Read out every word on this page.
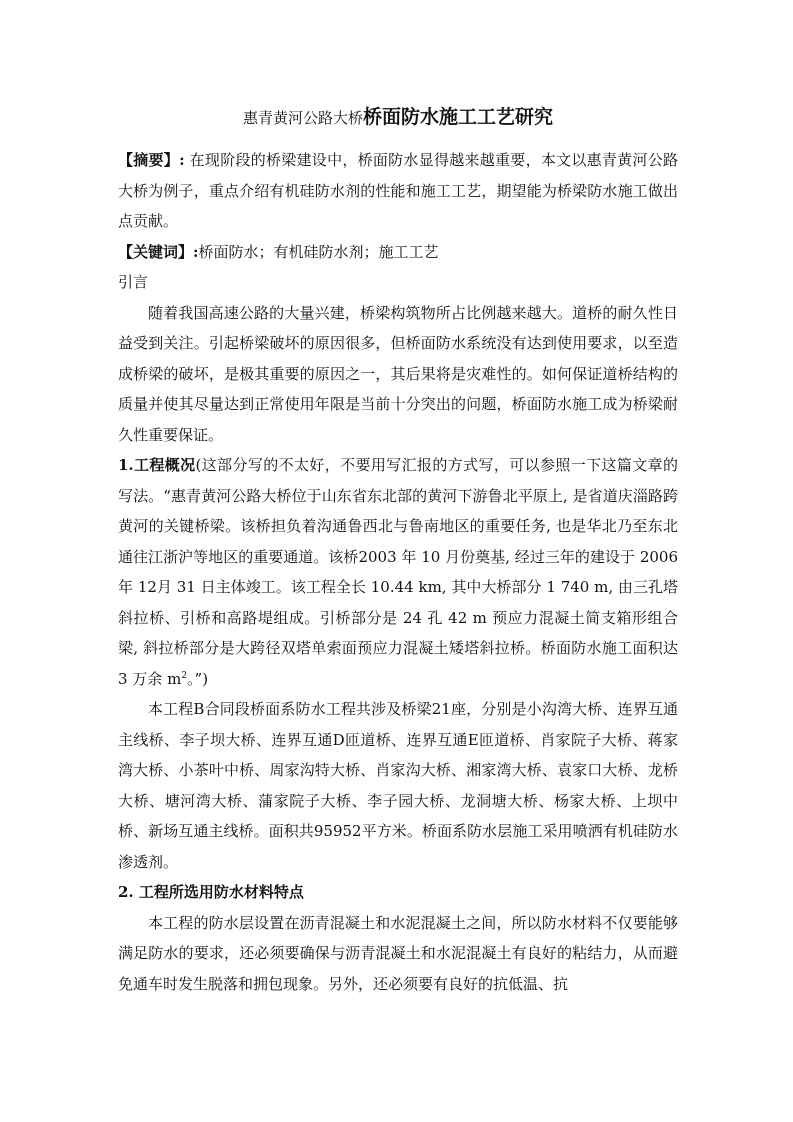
惠青黄河公路大桥桥面防水施工工艺研究

【摘要】: 在现阶段的桥梁建设中，桥面防水显得越来越重要，本文以惠青黄河公路大桥为例子，重点介绍有机硅防水剂的性能和施工工艺，期望能为桥梁防水施工做出点贡献。

【关键词】:桥面防水；有机硅防水剂；施工工艺

引言

随着我国高速公路的大量兴建，桥梁构筑物所占比例越来越大。道桥的耐久性日益受到关注。引起桥梁破坏的原因很多，但桥面防水系统没有达到使用要求，以至造成桥梁的破坏，是极其重要的原因之一，其后果将是灾难性的。如何保证道桥结构的质量并使其尽量达到正常使用年限是当前十分突出的问题，桥面防水施工成为桥梁耐久性重要保证。

1.工程概况(这部分写的不太好，不要用写汇报的方式写，可以参照一下这篇文章的写法。“惠青黄河公路大桥位于山东省东北部的黄河下游鲁北平原上, 是省道庆淄路跨黄河的关键桥梁。该桥担负着沟通鲁西北与鲁南地区的重要任务, 也是华北乃至东北通往江浙沪等地区的重要通道。该桥2003 年 10 月份奠基, 经过三年的建设于 2006 年 12月 31 日主体竣工。该工程全长 10.44 km, 其中大桥部分 1 740 m, 由三孔塔斜拉桥、引桥和高路堤组成。引桥部分是 24 孔 42 m 预应力混凝土简支箱形组合梁, 斜拉桥部分是大跨径双塔单索面预应力混凝土矮塔斜拉桥。桥面防水施工面积达 3 万余 $m^2$。”)

本工程B合同段桥面系防水工程共涉及桥梁21座，分别是小沟湾大桥、连界互通主线桥、李子坝大桥、连界互通D匝道桥、连界互通E匝道桥、肖家院子大桥、蒋家湾大桥、小茶叶中桥、周家沟特大桥、肖家沟大桥、湘家湾大桥、袁家口大桥、龙桥大桥、塘河湾大桥、蒲家院子大桥、李子园大桥、龙洞塘大桥、杨家大桥、上坝中桥、新场互通主线桥。面积共95952平方米。桥面系防水层施工采用喷洒有机硅防水渗透剂。

2. 工程所选用防水材料特点

本工程的防水层设置在沥青混凝土和水泥混凝土之间，所以防水材料不仅要能够满足防水的要求，还必须要确保与沥青混凝土和水泥混凝土有良好的粘结力，从而避免通车时发生脱落和拥包现象。另外，还必须要有良好的抗低温、抗
